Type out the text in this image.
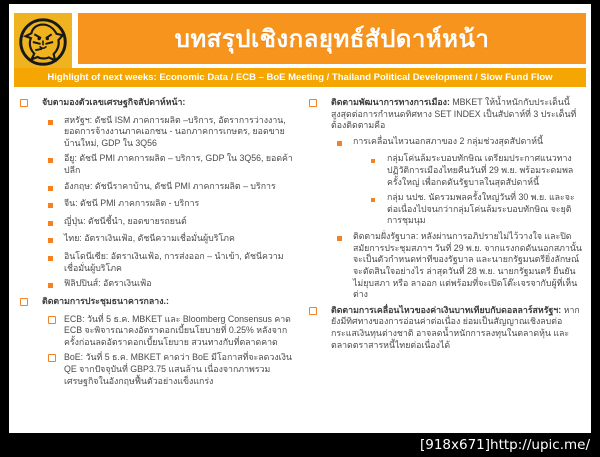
บทสรุปเชิงกลยุทธ์สัปดาห์หน้า
Highlight of next weeks: Economic Data / ECB – BoE Meeting / Thailand Political Development / Slow Fund Flow
จับตามองตัวเลขเศรษฐกิจสัปดาห์หน้า:
สหรัฐฯ: ดัชนี ISM ภาคการผลิต –บริการ, อัตราการว่างงาน, ยอดการจ้างงานภาคเอกชน - นอกภาคการเกษตร, ยอดขายบ้านใหม่, GDP ใน 3Q56
อียู: ดัชนี PMI ภาคการผลิต – บริการ, GDP ใน 3Q56, ยอดค้าปลีก
อังกฤษ: ดัชนีราคาบ้าน, ดัชนี PMI ภาคการผลิต – บริการ
จีน: ดัชนี PMI ภาคการผลิต - บริการ
ญี่ปุ่น: ดัชนีชี้นำ, ยอดขายรถยนต์
ไทย: อัตราเงินเฟ้อ, ดัชนีความเชื่อมั่นผู้บริโภค
อินโดนีเซีย: อัตราเงินเฟ้อ, การส่งออก – นำเข้า, ดัชนีความเชื่อมั่นผู้บริโภค
ฟิลิปปินส์: อัตราเงินเฟ้อ
ติดตามการประชุมธนาคารกลาง.:
ECB: วันที่ 5 ธ.ค. MBKET และ Bloomberg Consensus คาด ECB จะพิจารณาคงอัตราดอกเบี้ยนโยบายที่ 0.25% หลังจากครั้งก่อนลดอัตราดอกเบี้ยนโยบาย สวนทางกับที่ตลาดคาด
BoE: วันที่ 5 ธ.ค. MBKET คาดว่า BoE มีโอกาสที่จะลดวงเงิน QE จากปัจจุบันที่ GBP3.75 แสนล้าน เนื่องจากภาพรวมเศรษฐกิจในอังกฤษฟื้นตัวอย่างแข็งแกร่ง
ติดตามพัฒนาการทางการเมือง: MBKET ให้น้ำหนักกับประเด็นนี้สูงสุดต่อการกำหนดทิศทาง SET INDEX เป็นสัปดาห์ที่ 3 ประเด็นที่ต้องติดตามคือ
การเคลื่อนไหวนอกสภาของ 2 กลุ่มช่วงสุดสัปดาห์นี้
กลุ่มโค่นล้มระบอบทักษิณ เตรียมประกาศแนวทางปฏิวัติการเมืองไทยคืนวันที่ 29 พ.ย. พร้อมระดมพลครั้งใหญ่ เพื่อกดดันรัฐบาลในสุดสัปดาห์นี้
กลุ่ม นปช. นัดรวมพลครั้งใหญ่วันที่ 30 พ.ย. และจะต่อเนื่องไปจนกว่ากลุ่มโค่นล้มระบอบทักษิณ จะยุติการชุมนุม
ติดตามฝั่งรัฐบาล: หลังผ่านการอภิปรายไม่ไว้วางใจ และปิดสมัยการประชุมสภาฯ วันที่ 29 พ.ย. จากแรงกดดันนอกสภานั้น จะเป็นตัวกำหนดท่าทีของรัฐบาล และนายกรัฐมนตรียิ่งลักษณ์ จะตัดสินใจอย่างไร ล่าสุดวันที่ 28 พ.ย. นายกรัฐมนตรี ยืนยันไม่ยุบสภา หรือ ลาออก แต่พร้อมที่จะเปิดโต๊ะเจรจากับผู้ที่เห็นต่าง
ติดตามการเคลื่อนไหวของค่าเงินบาทเทียบกับดอลลาร์สหรัฐฯ: หากยังมีทิศทางของการอ่อนค่าต่อเนื่อง ย่อมเป็นสัญญาณเชิงลบต่อกระแสเงินทุนต่างชาติ อาจลดน้ำหนักการลงทุนในตลาดหุ้น และ ตลาดตราสารหนี้ไทยต่อเนื่องได้
[918x671]http://upic.me/
